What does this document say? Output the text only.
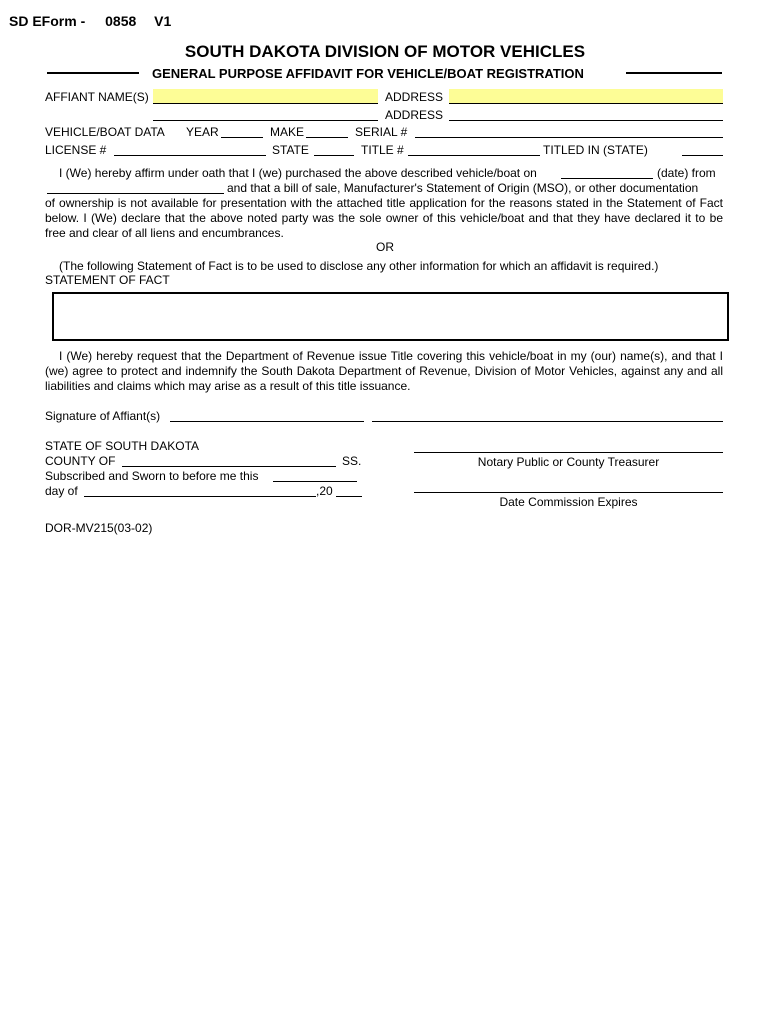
SD EForm - 0858 V1
SOUTH DAKOTA DIVISION OF MOTOR VEHICLES
GENERAL PURPOSE AFFIDAVIT FOR VEHICLE/BOAT REGISTRATION
AFFIANT NAME(S)	ADDRESS
ADDRESS
VEHICLE/BOAT DATA YEAR	MAKE	SERIAL #
LICENSE #	STATE	TITLE #	TITLED IN (STATE)
I (We) hereby affirm under oath that I (we) purchased the above described vehicle/boat on	(date) from
and that a bill of sale, Manufacturer's Statement of Origin (MSO), or other documentation
of ownership is not available for presentation with the attached title application for the reasons stated in the Statement of Fact below. I (We) declare that the above noted party was the sole owner of this vehicle/boat and that they have declared it to be free and clear of all liens and encumbrances.
OR
(The following Statement of Fact is to be used to disclose any other information for which an affidavit is required.)
STATEMENT OF FACT
I (We) hereby request that the Department of Revenue issue Title covering this vehicle/boat in my (our) name(s), and that I (we) agree to protect and indemnify the South Dakota Department of Revenue, Division of Motor Vehicles, against any and all liabilities and claims which may arise as a result of this title issuance.
Signature of Affiant(s)
STATE OF SOUTH DAKOTA
COUNTY OF	SS.
Subscribed and Sworn to before me this
day of	,20
Notary Public or County Treasurer
Date Commission Expires
DOR-MV215(03-02)
